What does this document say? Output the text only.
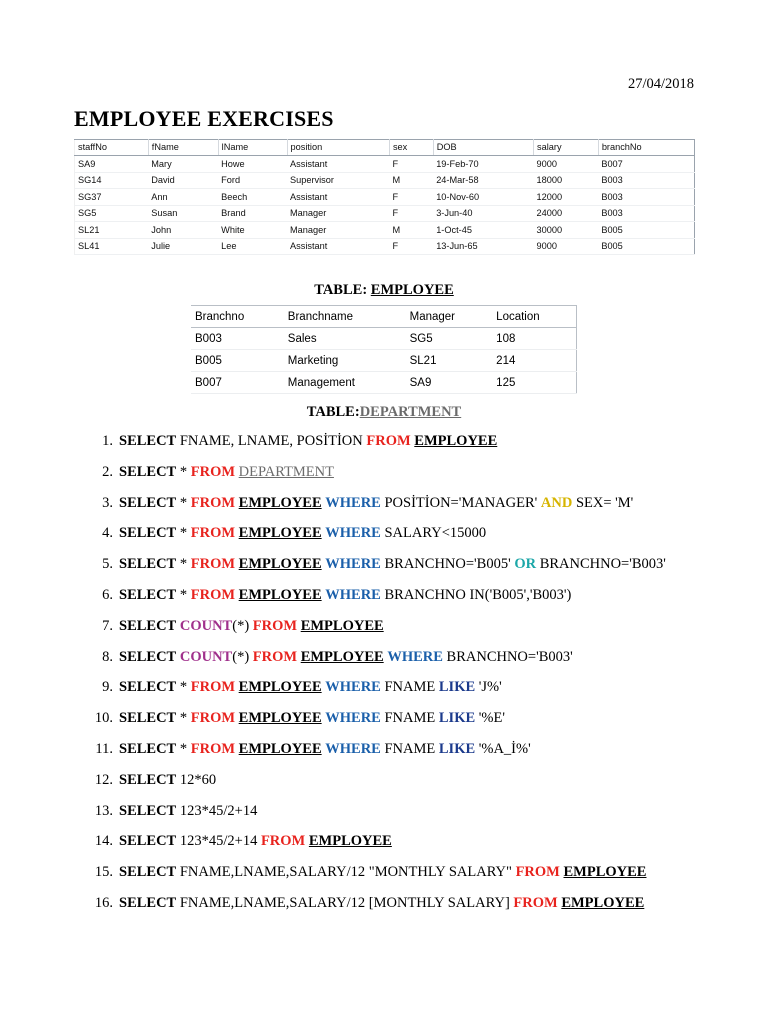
27/04/2018
EMPLOYEE EXERCISES
staffNo	fName	lName	position	sex	DOB	salary	branchNo
SA9	Mary	Howe	Assistant	F	19-Feb-70	9000	B007
SG14	David	Ford	Supervisor	M	24-Mar-58	18000	B003
SG37	Ann	Beech	Assistant	F	10-Nov-60	12000	B003
SG5	Susan	Brand	Manager	F	3-Jun-40	24000	B003
SL21	John	White	Manager	M	1-Oct-45	30000	B005
SL41	Julie	Lee	Assistant	F	13-Jun-65	9000	B005
TABLE: EMPLOYEE
Branchno	Branchname	Manager	Location
B003	Sales	SG5	108
B005	Marketing	SL21	214
B007	Management	SA9	125
TABLE:DEPARTMENT
1. SELECT FNAME, LNAME, POSİTİON FROM EMPLOYEE
2. SELECT * FROM DEPARTMENT
3. SELECT * FROM EMPLOYEE WHERE POSİTİON='MANAGER' AND SEX= 'M'
4. SELECT * FROM EMPLOYEE WHERE SALARY<15000
5. SELECT * FROM EMPLOYEE WHERE BRANCHNO='B005' OR BRANCHNO='B003'
6. SELECT * FROM EMPLOYEE WHERE BRANCHNO IN('B005','B003')
7. SELECT COUNT(*) FROM EMPLOYEE
8. SELECT COUNT(*) FROM EMPLOYEE WHERE BRANCHNO='B003'
9. SELECT * FROM EMPLOYEE WHERE FNAME LIKE 'J%'
10. SELECT * FROM EMPLOYEE WHERE FNAME LIKE '%E'
11. SELECT * FROM EMPLOYEE WHERE FNAME LIKE '%A_İ%'
12. SELECT 12*60
13. SELECT 123*45/2+14
14. SELECT 123*45/2+14 FROM EMPLOYEE
15. SELECT FNAME,LNAME,SALARY/12 "MONTHLY SALARY" FROM EMPLOYEE
16. SELECT FNAME,LNAME,SALARY/12 [MONTHLY SALARY] FROM EMPLOYEE
